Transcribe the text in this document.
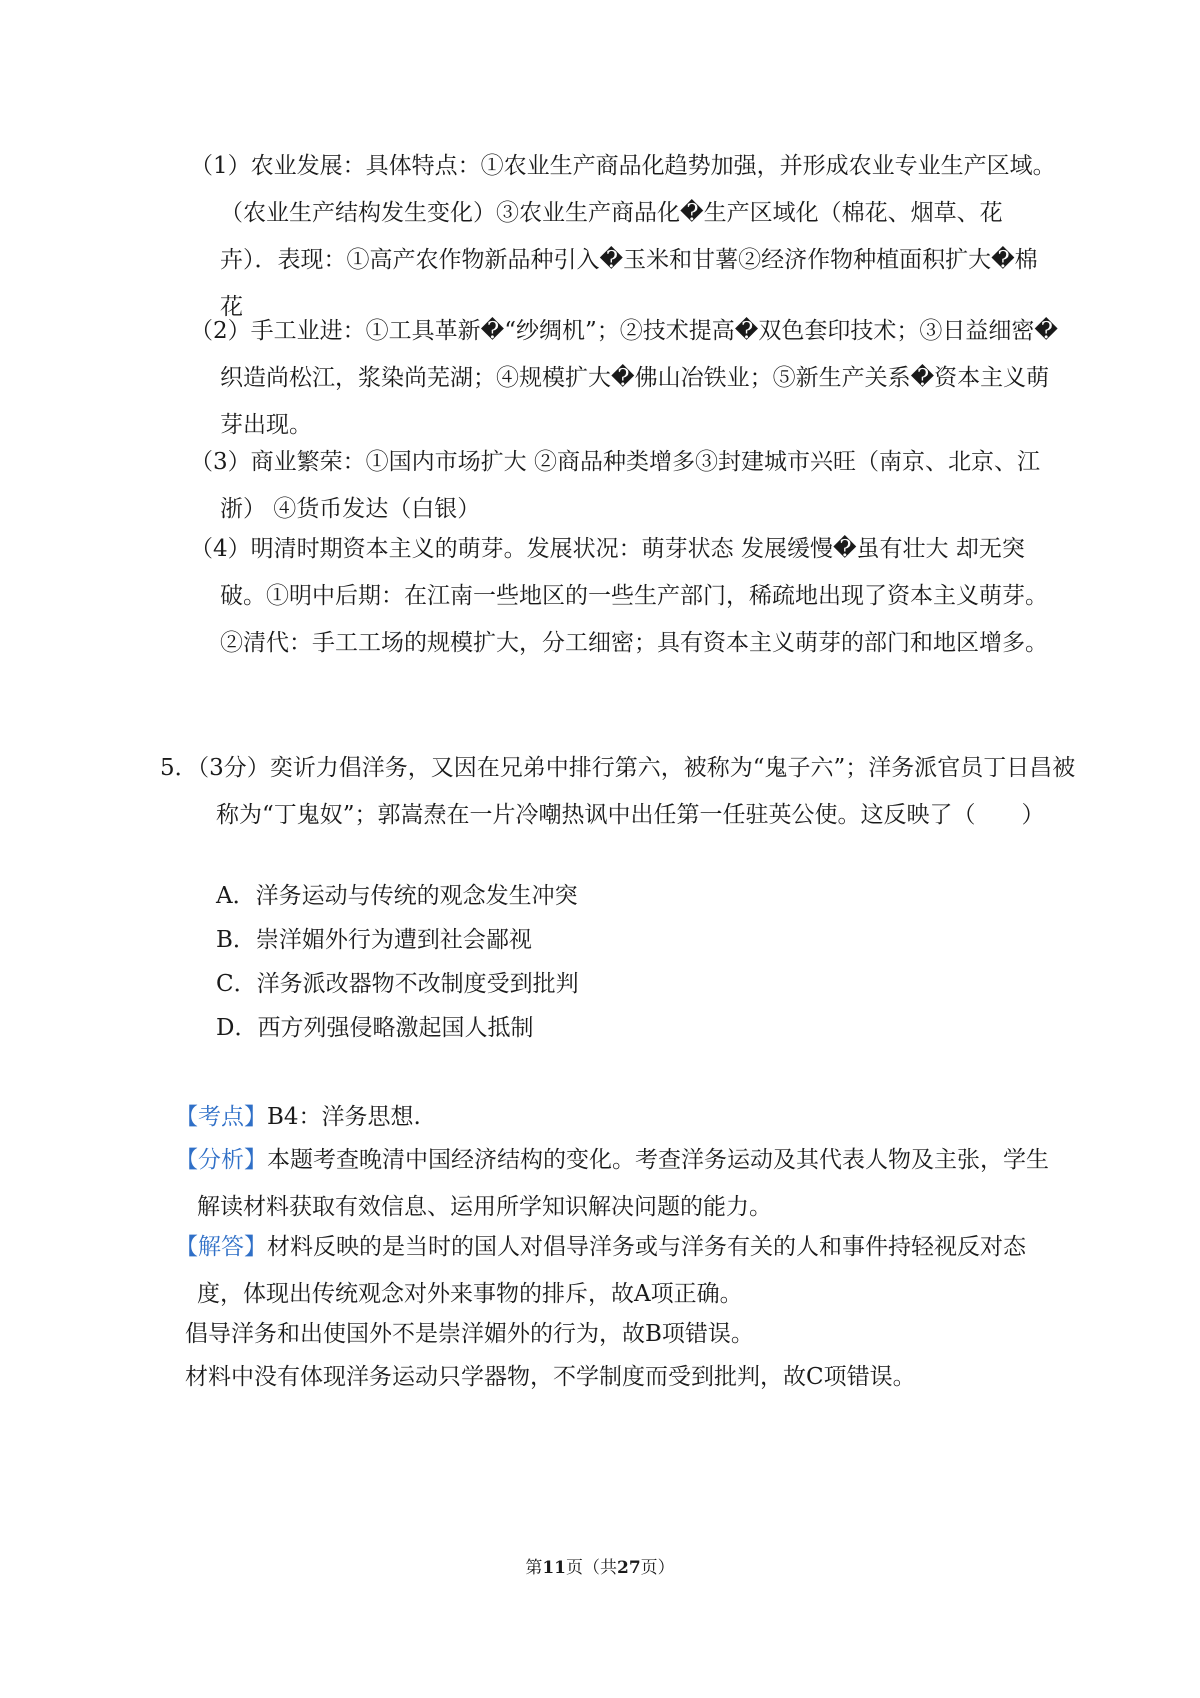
（1）农业发展：具体特点：①农业生产商品化趋势加强，并形成农业专业生产区域。（农业生产结构发生变化）③农业生产商品化�生产区域化（棉花、烟草、花卉）．表现：①高产农作物新品种引入�玉米和甘薯②经济作物种植面积扩大�棉花
（2）手工业进：①工具革新�“纱绸机”；②技术提高�双色套印技术；③日益细密�织造尚松江，浆染尚芜湖；④规模扩大�佛山冶铁业；⑤新生产关系�资本主义萌芽出现。
（3）商业繁荣：①国内市场扩大 ②商品种类增多③封建城市兴旺（南京、北京、江浙） ④货币发达（白银）
（4）明清时期资本主义的萌芽。发展状况：萌芽状态 发展缓慢�虽有壮大 却无突破。①明中后期：在江南一些地区的一些生产部门，稀疏地出现了资本主义萌芽。②清代：手工工场的规模扩大，分工细密；具有资本主义萌芽的部门和地区增多。
5．（3分）奕䜣力倡洋务，又因在兄弟中排行第六，被称为“鬼子六”；洋务派官员丁日昌被称为“丁鬼奴”；郭嵩焘在一片冷嘲热讽中出任第一任驻英公使。这反映了（　　）
A．洋务运动与传统的观念发生冲突
B．崇洋媚外行为遭到社会鄙视
C．洋务派改器物不改制度受到批判
D．西方列强侵略激起国人抵制
【考点】B4：洋务思想.
【分析】本题考查晚清中国经济结构的变化。考查洋务运动及其代表人物及主张，学生解读材料获取有效信息、运用所学知识解决问题的能力。
【解答】材料反映的是当时的国人对倡导洋务或与洋务有关的人和事件持轻视反对态度，体现出传统观念对外来事物的排斥，故A项正确。
倡导洋务和出使国外不是崇洋媚外的行为，故B项错误。
材料中没有体现洋务运动只学器物，不学制度而受到批判，故C项错误。
第11页（共27页）
